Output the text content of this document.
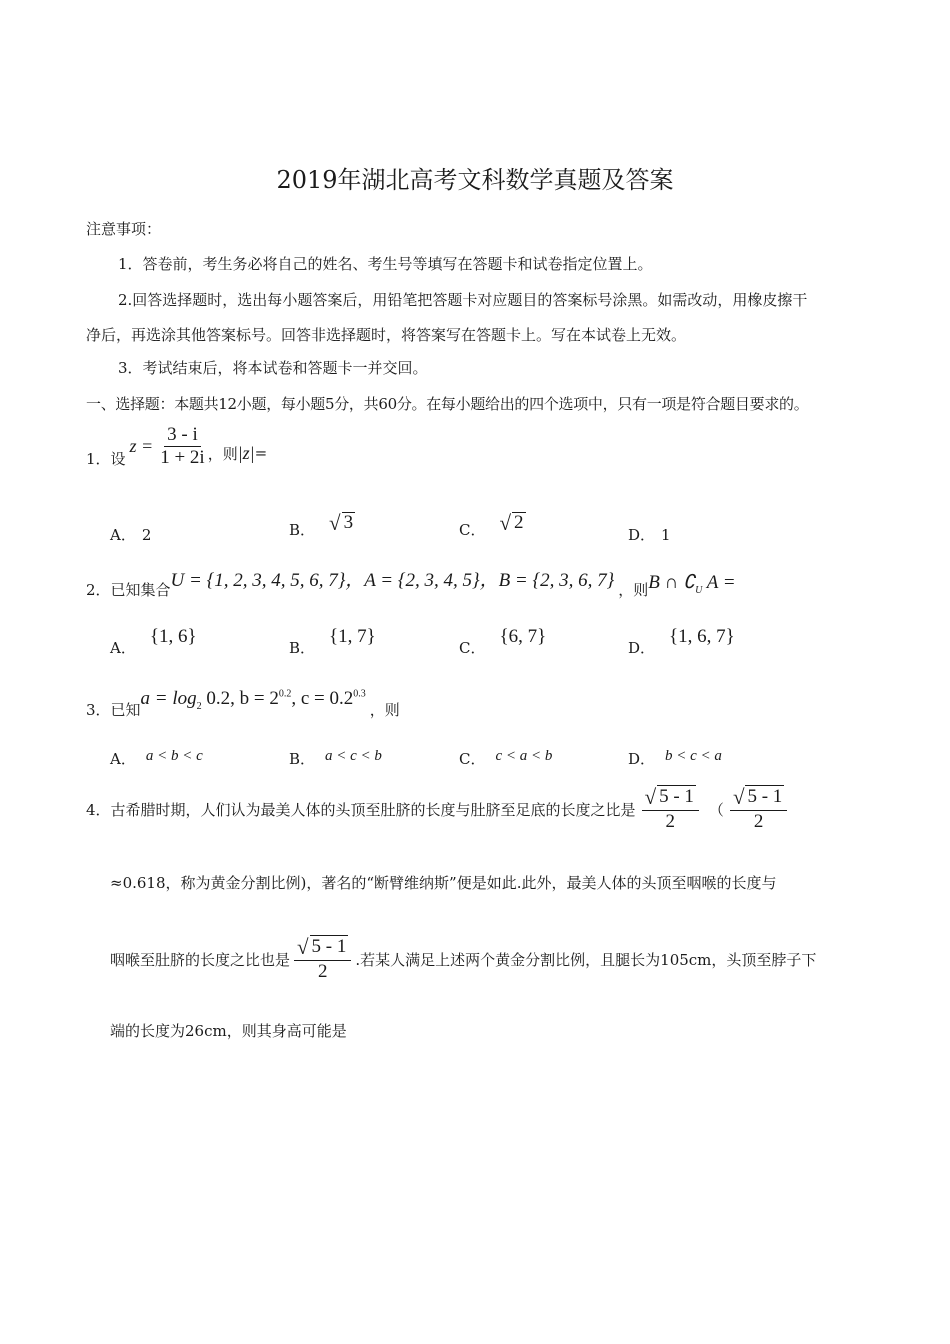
2019年湖北高考文科数学真题及答案
注意事项：
1．答卷前，考生务必将自己的姓名、考生号等填写在答题卡和试卷指定位置上。
2.回答选择题时，选出每小题答案后，用铅笔把答题卡对应题目的答案标号涂黑。如需改动，用橡皮擦干
净后，再选涂其他答案标号。回答非选择题时，将答案写在答题卡上。写在本试卷上无效。
3．考试结束后，将本试卷和答题卡一并交回。
一、选择题：本题共12小题，每小题5分，共60分。在每小题给出的四个选项中，只有一项是符合题目要求的。
1．设
$z = \frac{3 - i}{1 + 2i}$ ，则 |z| =
A． 2	B． √ 3	C． √ 2
D． 1
2．已知集合 U = {1, 2, 3, 4, 5, 6, 7} ，A = {2, 3, 4, 5} ，B = {2, 3, 6, 7} ，则 B ∩ $∁_U$ A =
A．
{1, 6}
B．
{1, 7}
C．
{6, 7}
D．
{1, 6, 7}
3．已知
$a = \log_2 0.2$, $b = 2^{0.2}$, $c = 0.2^{0.3}$
，则
A． a < b < c	B． a < c < b	C． c < a < b	D． b < c < a
4．古希腊时期，人们认为最美人体的头顶至肚脐的长度与肚脐至足底的长度之比是 $\frac{√ 5 - 1}{2}$ （ $\frac{√ 5 - 1}{2}$
≈0.618，称为黄金分割比例)，著名的“断臂维纳斯”便是如此.此外，最美人体的头顶至咽喉的长度与
咽喉至肚脐的长度之比也是 $\frac{√ 5 - 1}{2}$ .若某人满足上述两个黄金分割比例，且腿长为105cm，头顶至脖子下
端的长度为26cm，则其身高可能是
